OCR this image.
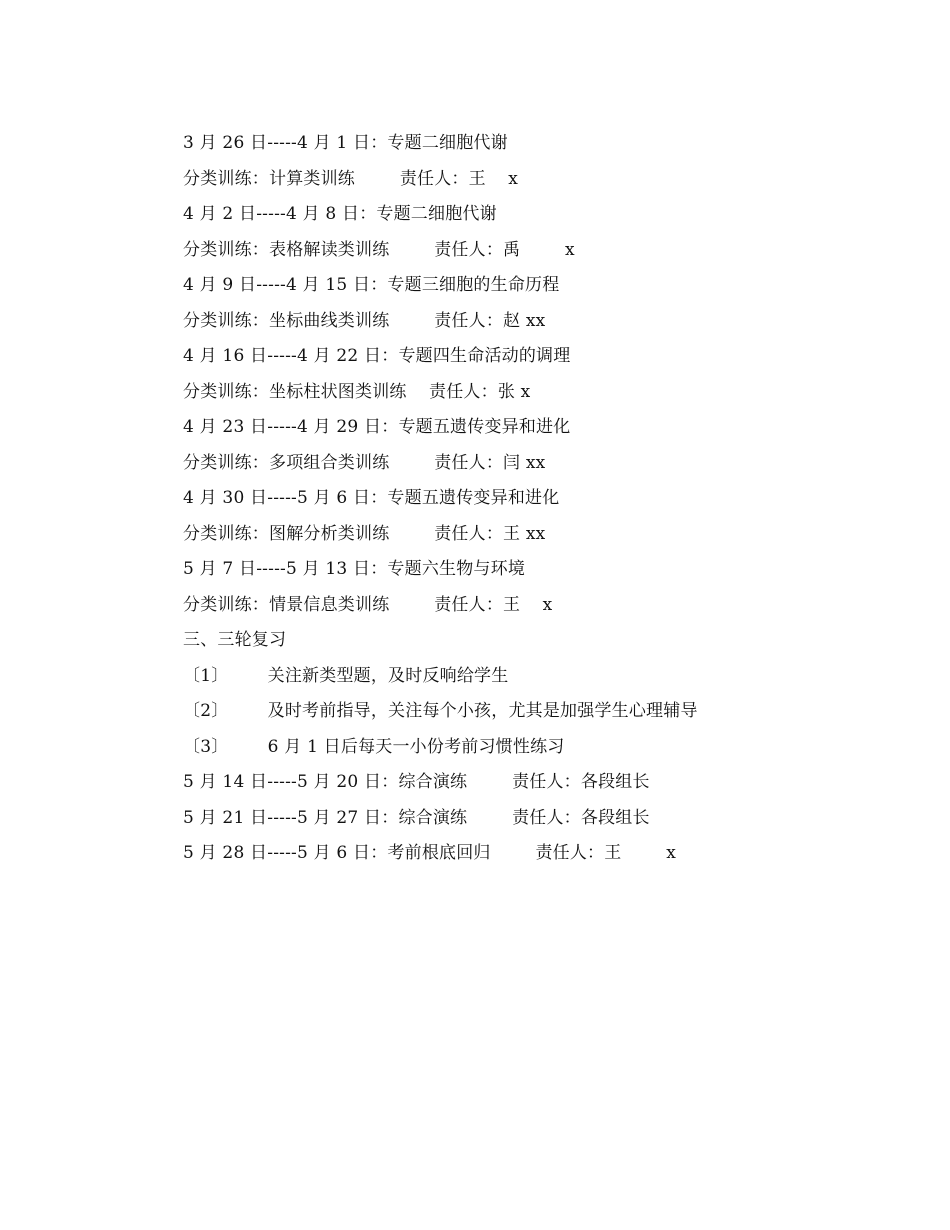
3 月 26 日-----4 月 1 日：专题二细胞代谢
分类训练：计算类训练        责任人：王    x
4 月 2 日-----4 月 8 日：专题二细胞代谢
分类训练：表格解读类训练        责任人：禹        x
4 月 9 日-----4 月 15 日：专题三细胞的生命历程
分类训练：坐标曲线类训练        责任人：赵 xx
4 月 16 日-----4 月 22 日：专题四生命活动的调理
分类训练：坐标柱状图类训练    责任人：张 x
4 月 23 日-----4 月 29 日：专题五遗传变异和进化
分类训练：多项组合类训练        责任人：闫 xx
4 月 30 日-----5 月 6 日：专题五遗传变异和进化
分类训练：图解分析类训练        责任人：王 xx
5 月 7 日-----5 月 13 日：专题六生物与环境
分类训练：情景信息类训练        责任人：王    x
三、三轮复习
〔1〕       关注新类型题，及时反响给学生
〔2〕       及时考前指导，关注每个小孩，尤其是加强学生心理辅导
〔3〕       6 月 1 日后每天一小份考前习惯性练习
5 月 14 日-----5 月 20 日：综合演练        责任人：各段组长
5 月 21 日-----5 月 27 日：综合演练        责任人：各段组长
5 月 28 日-----5 月 6 日：考前根底回归        责任人：王        x
